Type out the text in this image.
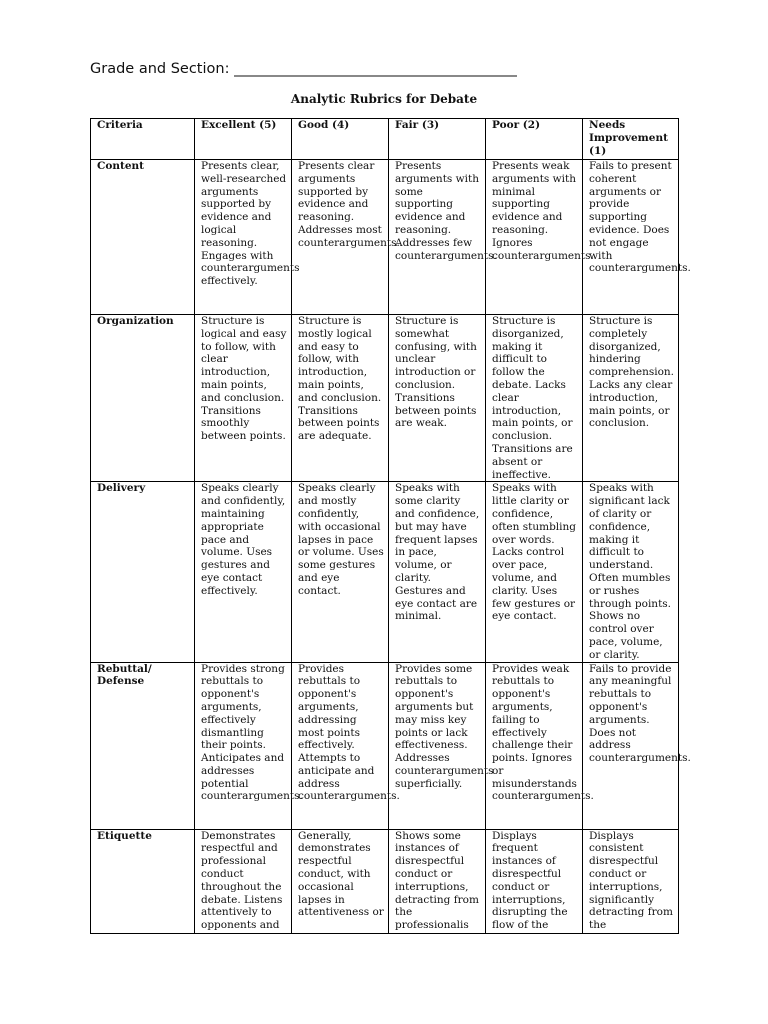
Grade and Section: _______________________________________
Analytic Rubrics for Debate
Criteria	Excellent (5)	Good (4)	Fair (3)	Poor (2)	Needs Improvement (1)
Content	Presents clear, well-researched arguments supported by evidence and logical reasoning. Engages with counterarguments effectively.	Presents clear arguments supported by evidence and reasoning. Addresses most counterarguments.	Presents arguments with some supporting evidence and reasoning. Addresses few counterarguments.	Presents weak arguments with minimal supporting evidence and reasoning. Ignores counterarguments.	Fails to present coherent arguments or provide supporting evidence. Does not engage with counterarguments.
Organization	Structure is logical and easy to follow, with clear introduction, main points, and conclusion. Transitions smoothly between points.	Structure is mostly logical and easy to follow, with introduction, main points, and conclusion. Transitions between points are adequate.	Structure is somewhat confusing, with unclear introduction or conclusion. Transitions between points are weak.	Structure is disorganized, making it difficult to follow the debate. Lacks clear introduction, main points, or conclusion. Transitions are absent or ineffective.	Structure is completely disorganized, hindering comprehension. Lacks any clear introduction, main points, or conclusion.
Delivery	Speaks clearly and confidently, maintaining appropriate pace and volume. Uses gestures and eye contact effectively.	Speaks clearly and mostly confidently, with occasional lapses in pace or volume. Uses some gestures and eye contact.	Speaks with some clarity and confidence, but may have frequent lapses in pace, volume, or clarity. Gestures and eye contact are minimal.	Speaks with little clarity or confidence, often stumbling over words. Lacks control over pace, volume, and clarity. Uses few gestures or eye contact.	Speaks with significant lack of clarity or confidence, making it difficult to understand. Often mumbles or rushes through points. Shows no control over pace, volume, or clarity.
Rebuttal/ Defense	Provides strong rebuttals to opponent's arguments, effectively dismantling their points. Anticipates and addresses potential counterarguments.	Provides rebuttals to opponent's arguments, addressing most points effectively. Attempts to anticipate and address counterarguments.	Provides some rebuttals to opponent's arguments but may miss key points or lack effectiveness. Addresses counterarguments superficially.	Provides weak rebuttals to opponent's arguments, failing to effectively challenge their points. Ignores or misunderstands counterarguments.	Fails to provide any meaningful rebuttals to opponent's arguments. Does not address counterarguments.
Etiquette	Demonstrates respectful and professional conduct throughout the debate. Listens attentively to opponents and	Generally, demonstrates respectful conduct, with occasional lapses in attentiveness or	Shows some instances of disrespectful conduct or interruptions, detracting from the professionalis	Displays frequent instances of disrespectful conduct or interruptions, disrupting the flow of the	Displays consistent disrespectful conduct or interruptions, significantly detracting from the
